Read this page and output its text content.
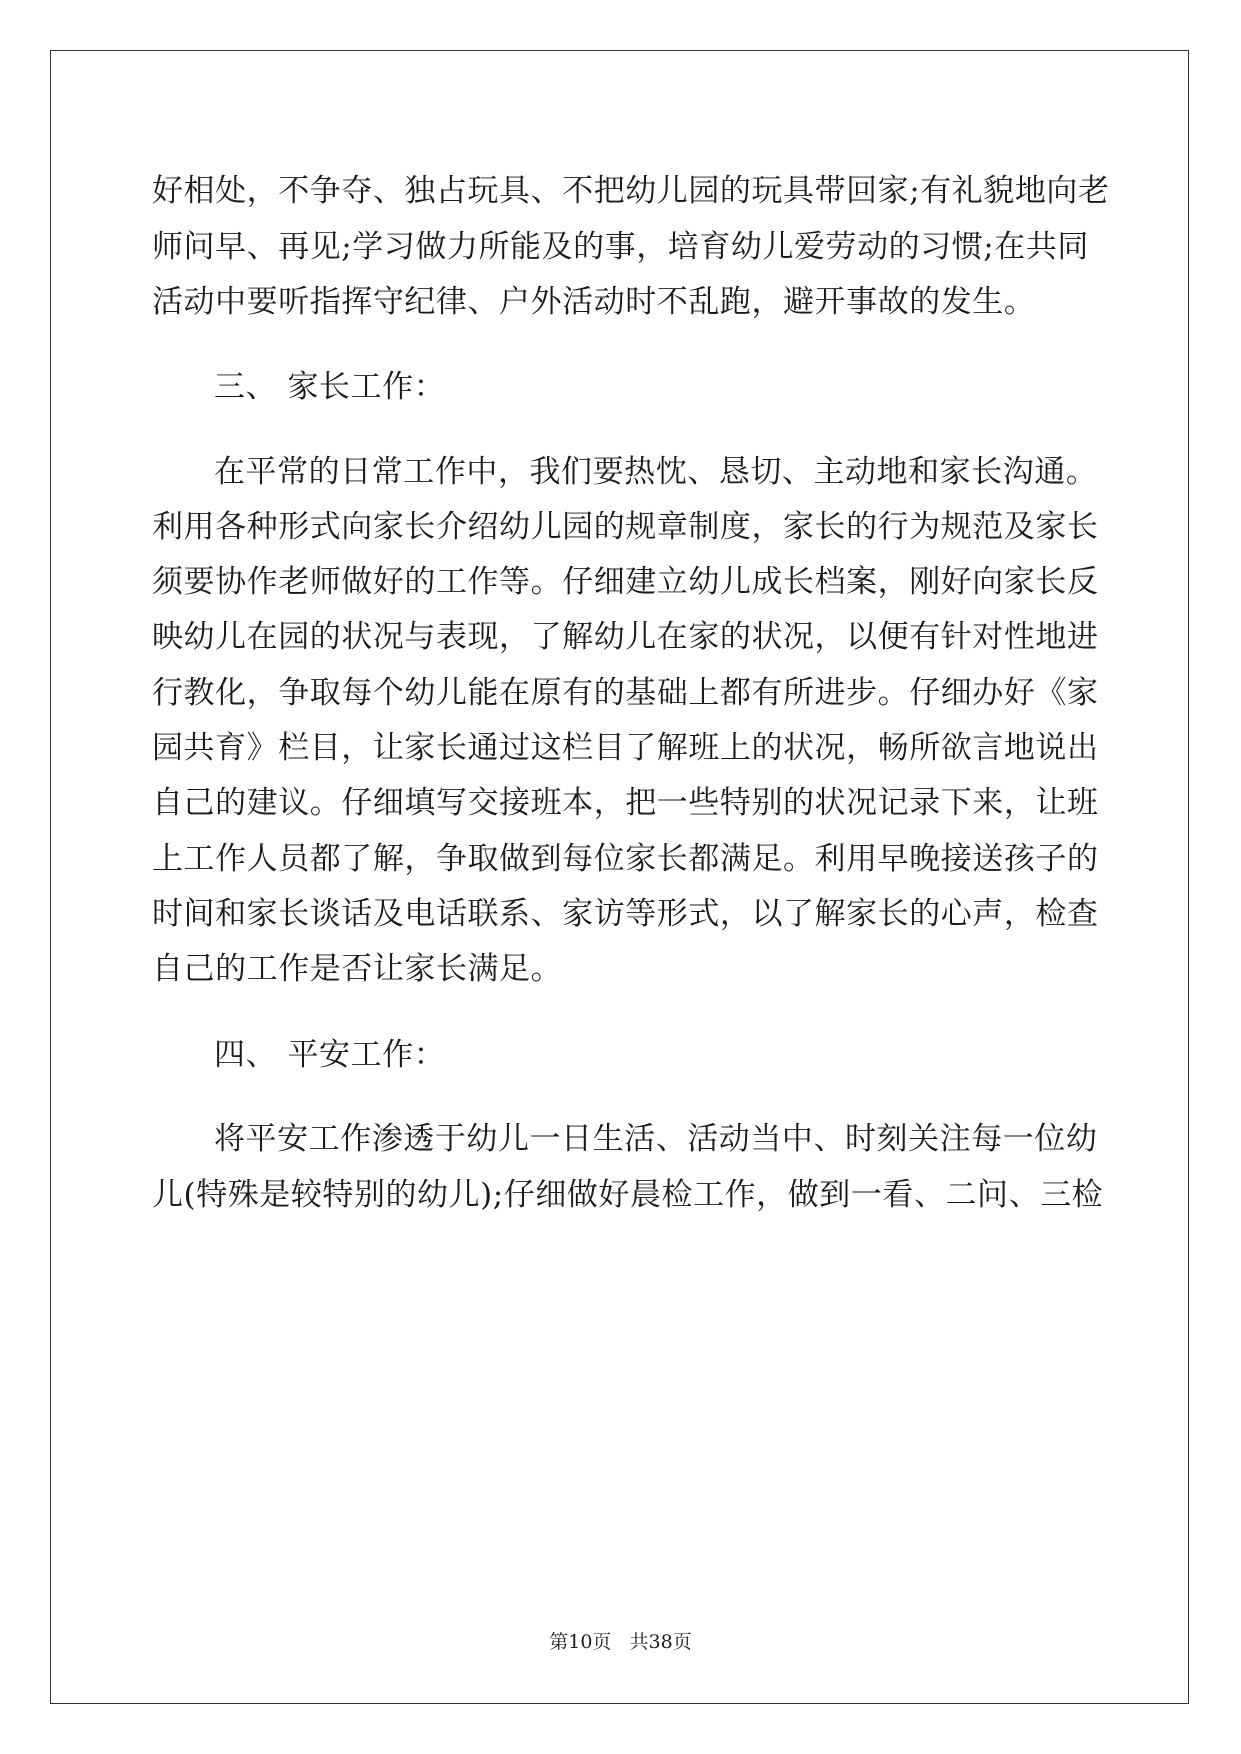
好相处，不争夺、独占玩具、不把幼儿园的玩具带回家;有礼貌地向老
师问早、再见;学习做力所能及的事，培育幼儿爱劳动的习惯;在共同
活动中要听指挥守纪律、户外活动时不乱跑，避开事故的发生。
三、 家长工作：
在平常的日常工作中，我们要热忱、恳切、主动地和家长沟通。
利用各种形式向家长介绍幼儿园的规章制度，家长的行为规范及家长
须要协作老师做好的工作等。仔细建立幼儿成长档案，刚好向家长反
映幼儿在园的状况与表现，了解幼儿在家的状况，以便有针对性地进
行教化，争取每个幼儿能在原有的基础上都有所进步。仔细办好《家
园共育》栏目，让家长通过这栏目了解班上的状况，畅所欲言地说出
自己的建议。仔细填写交接班本，把一些特别的状况记录下来，让班
上工作人员都了解，争取做到每位家长都满足。利用早晚接送孩子的
时间和家长谈话及电话联系、家访等形式，以了解家长的心声，检查
自己的工作是否让家长满足。
四、 平安工作：
将平安工作渗透于幼儿一日生活、活动当中、时刻关注每一位幼
儿(特殊是较特别的幼儿);仔细做好晨检工作，做到一看、二问、三检
第10页   共38页
